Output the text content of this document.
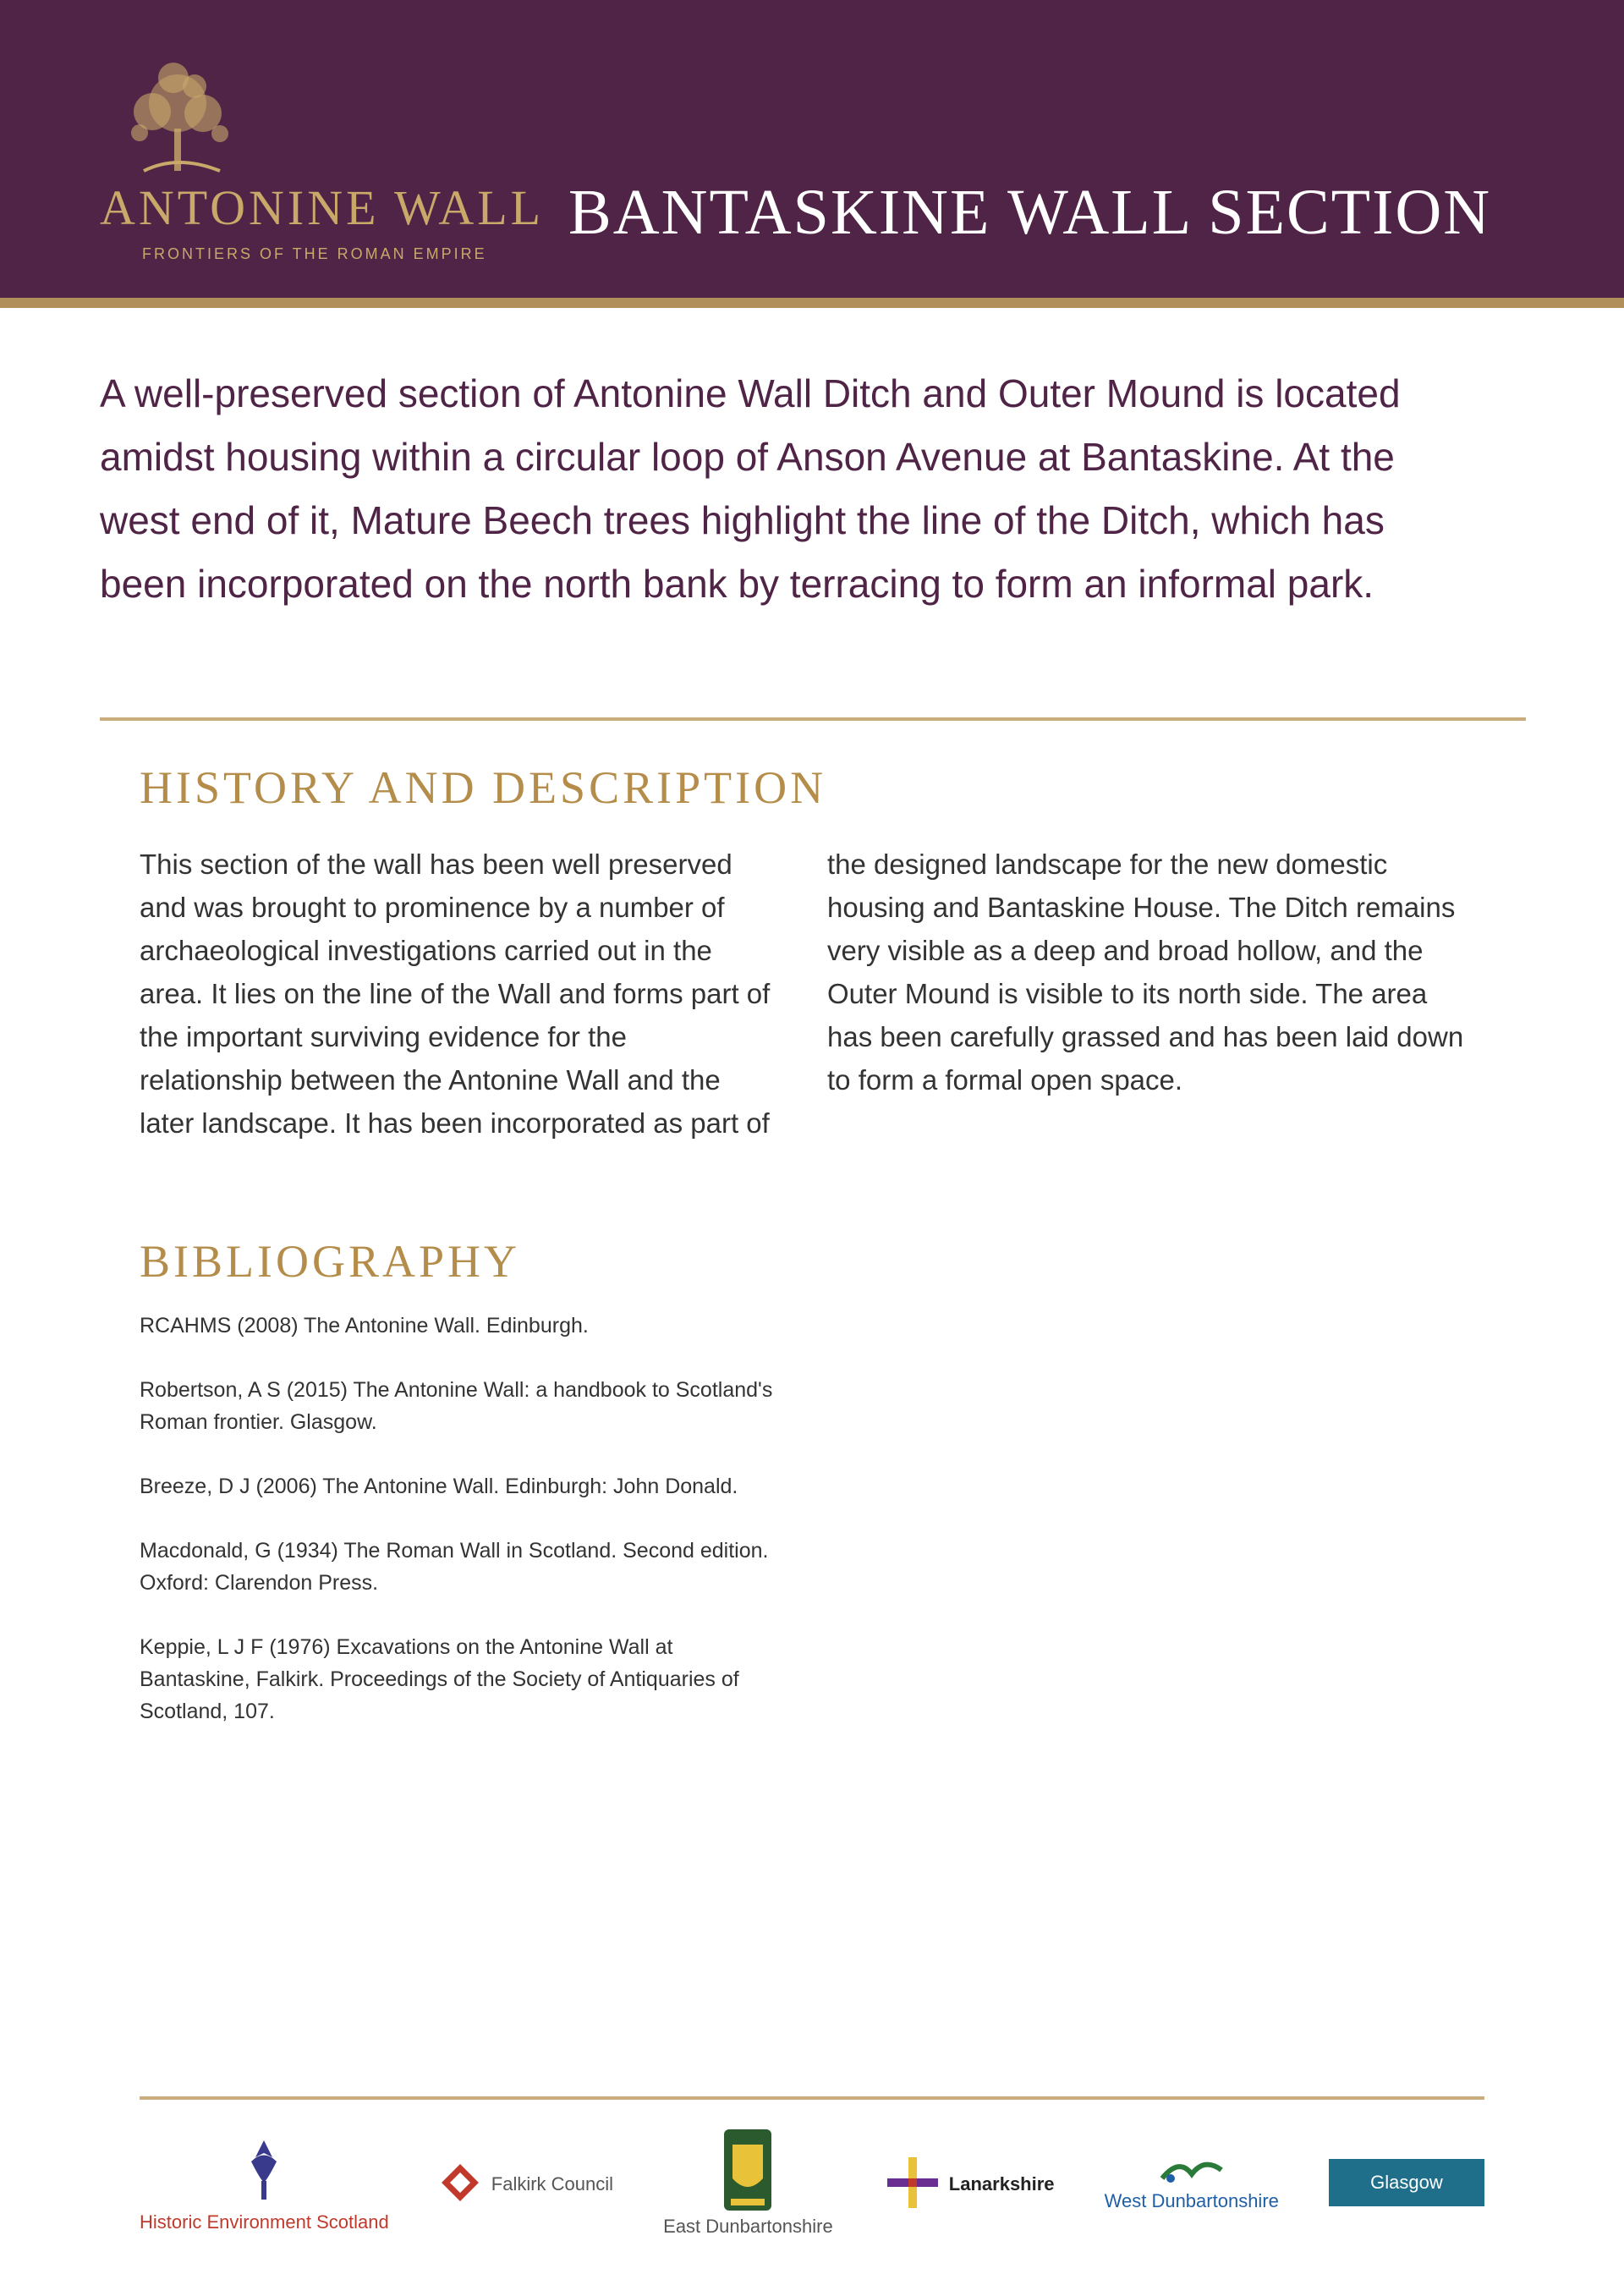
ANTONINE WALL
FRONTIERS OF THE ROMAN EMPIRE
BANTASKINE WALL SECTION

A well-preserved section of Antonine Wall Ditch and Outer Mound is located amidst housing within a circular loop of Anson Avenue at Bantaskine. At the west end of it, Mature Beech trees highlight the line of the Ditch, which has been incorporated on the north bank by terracing to form an informal park.

HISTORY AND DESCRIPTION

This section of the wall has been well preserved and was brought to prominence by a number of archaeological investigations carried out in the area. It lies on the line of the Wall and forms part of the important surviving evidence for the relationship between the Antonine Wall and the later landscape. It has been incorporated as part of the designed landscape for the new domestic housing and Bantaskine House. The Ditch remains very visible as a deep and broad hollow, and the Outer Mound is visible to its north side. The area has been carefully grassed and has been laid down to form a formal open space.

BIBLIOGRAPHY
RCAHMS (2008) The Antonine Wall. Edinburgh.
Robertson, A S (2015) The Antonine Wall: a handbook to Scotland's Roman frontier. Glasgow.
Breeze, D J (2006) The Antonine Wall. Edinburgh: John Donald.
Macdonald, G (1934) The Roman Wall in Scotland. Second edition. Oxford: Clarendon Press.
Keppie, L J F (1976) Excavations on the Antonine Wall at Bantaskine, Falkirk. Proceedings of the Society of Antiquaries of Scotland, 107.
Historic Environment Scotland
Falkirk Council
East Dunbartonshire
Lanarkshire
West Dunbartonshire
Glasgow
